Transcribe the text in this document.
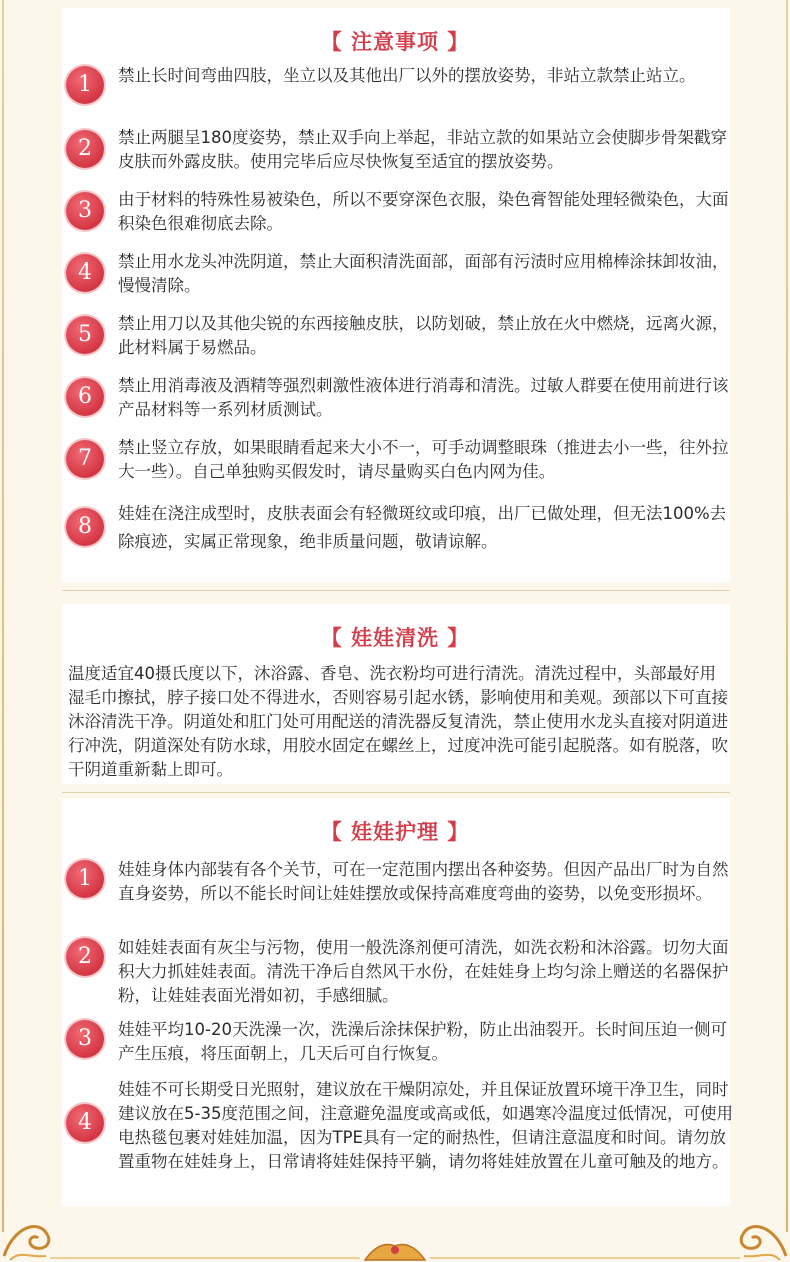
【 注意事项 】
1	禁止长时间弯曲四肢，坐立以及其他出厂以外的摆放姿势，非站立款禁止站立。
2	禁止两腿呈180度姿势，禁止双手向上举起，非站立款的如果站立会使脚步骨架戳穿皮肤而外露皮肤。使用完毕后应尽快恢复至适宜的摆放姿势。
3	由于材料的特殊性易被染色，所以不要穿深色衣服，染色膏智能处理轻微染色，大面积染色很难彻底去除。
4	禁止用水龙头冲洗阴道，禁止大面积清洗面部，面部有污渍时应用棉棒涂抹卸妆油，慢慢清除。
5	禁止用刀以及其他尖锐的东西接触皮肤，以防划破，禁止放在火中燃烧，远离火源，此材料属于易燃品。
6	禁止用消毒液及酒精等强烈刺激性液体进行消毒和清洗。过敏人群要在使用前进行该产品材料等一系列材质测试。
7	禁止竖立存放，如果眼睛看起来大小不一，可手动调整眼珠（推进去小一些，往外拉大一些）。自己单独购买假发时，请尽量购买白色内网为佳。
8
娃娃在浇注成型时，皮肤表面会有轻微斑纹或印痕，出厂已做处理，但无法100%去除痕迹，实属正常现象，绝非质量问题，敬请谅解。
【 娃娃清洗 】
温度适宜40摄氏度以下，沐浴露、香皂、洗衣粉均可进行清洗。清洗过程中，头部最好用湿毛巾擦拭，脖子接口处不得进水，否则容易引起水锈，影响使用和美观。颈部以下可直接沐浴清洗干净。阴道处和肛门处可用配送的清洗器反复清洗，禁止使用水龙头直接对阴道进行冲洗，阴道深处有防水球，用胶水固定在螺丝上，过度冲洗可能引起脱落。如有脱落，吹干阴道重新黏上即可。
【 娃娃护理 】
1	娃娃身体内部装有各个关节，可在一定范围内摆出各种姿势。但因产品出厂时为自然直身姿势，所以不能长时间让娃娃摆放或保持高难度弯曲的姿势，以免变形损坏。
2	如娃娃表面有灰尘与污物，使用一般洗涤剂便可清洗，如洗衣粉和沐浴露。切勿大面积大力抓娃娃表面。清洗干净后自然风干水份，在娃娃身上均匀涂上赠送的名器保护粉，让娃娃表面光滑如初，手感细腻。
3	娃娃平均10-20天洗澡一次，洗澡后涂抹保护粉，防止出油裂开。长时间压迫一侧可产生压痕，将压面朝上，几天后可自行恢复。
4
娃娃不可长期受日光照射，建议放在干燥阴凉处，并且保证放置环境干净卫生，同时建议放在5-35度范围之间，注意避免温度或高或低，如遇寒冷温度过低情况，可使用电热毯包裹对娃娃加温，因为TPE具有一定的耐热性，但请注意温度和时间。请勿放置重物在娃娃身上，日常请将娃娃保持平躺，请勿将娃娃放置在儿童可触及的地方。
